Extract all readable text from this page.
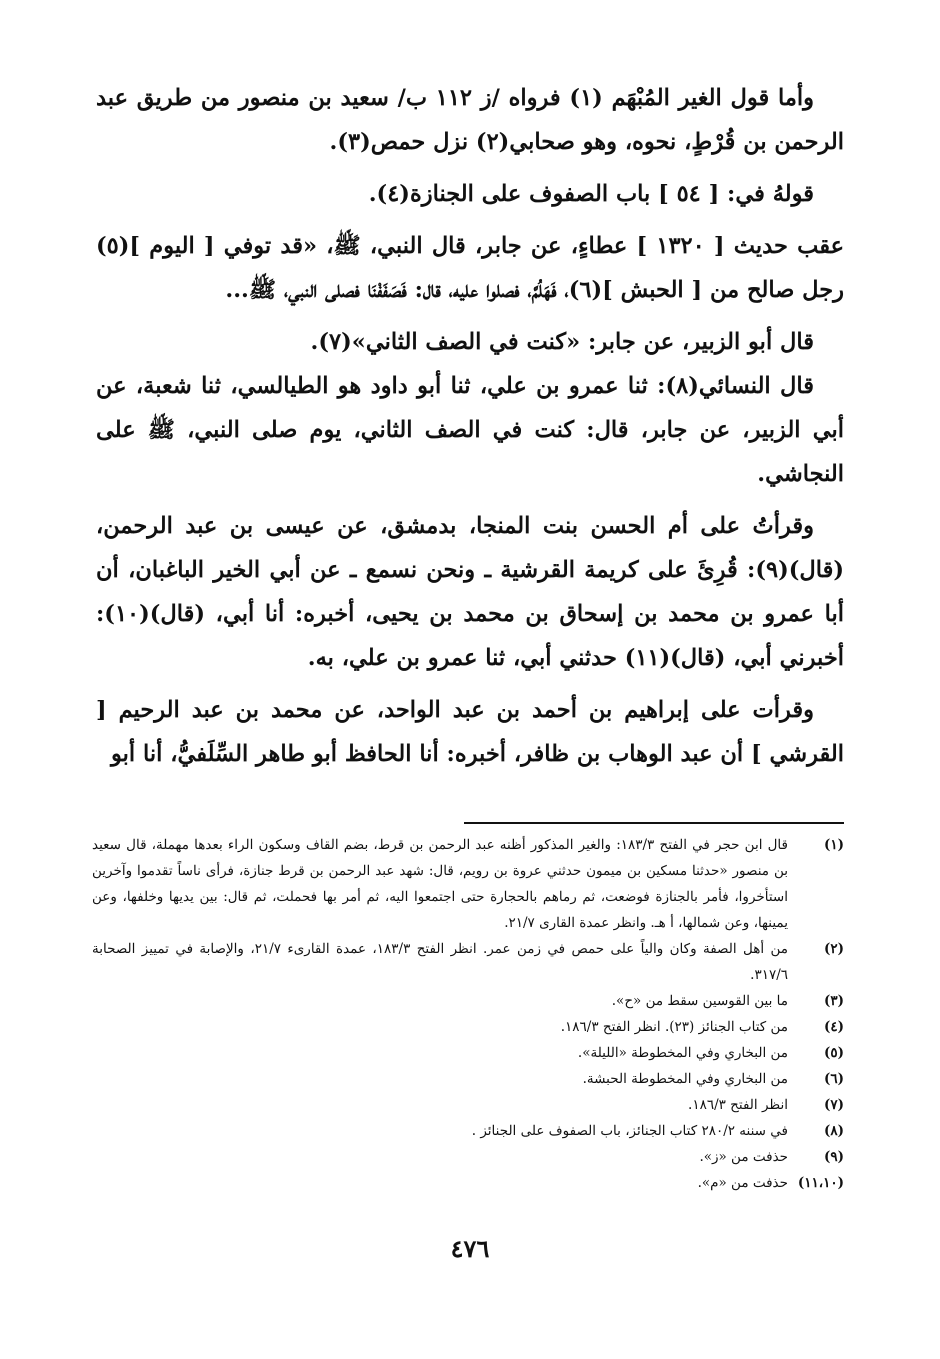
وأما قول الغير المُبْهَم (١) فرواه /ز ١١٢ ب/ سعيد بن منصور من طريق عبد الرحمن بن قُرْطٍ، نحوه، وهو صحابي(٢) نزل حمص(٣).

قولهُ في: [ ٥٤ ] باب الصفوف على الجنازة(٤).

عقب حديث [ ١٣٢٠ ] عطاءٍ، عن جابر، قال النبي، ﷺ، «قد توفي [ اليوم ](٥) رجل صالح من [ الحبش ](٦)، فَهَلُمَّ، فصلوا عليه، قال: فَصَفَفْنَا فصلى النبي، ﷺ...

قال أبو الزبير، عن جابر: «كنت في الصف الثاني»(٧).

قال النسائي(٨): ثنا عمرو بن علي، ثنا أبو داود هو الطيالسي، ثنا شعبة، عن أبي الزبير، عن جابر، قال: كنت في الصف الثاني، يوم صلى النبي، ﷺ على النجاشي.

وقرأتُ على أم الحسن بنت المنجا، بدمشق، عن عيسى بن عبد الرحمن، (قال)(٩): قُرِئَ على كريمة القرشية ـ ونحن نسمع ـ عن أبي الخير الباغبان، أن أبا عمرو بن محمد بن إسحاق بن محمد بن يحيى، أخبره: أنا أبي، (قال)(١٠): أخبرني أبي، (قال)(١١) حدثني أبي، ثنا عمرو بن علي، به.

وقرأت على إبراهيم بن أحمد بن عبد الواحد، عن محمد بن عبد الرحيم [ القرشي ] أن عبد الوهاب بن ظافر، أخبره: أنا الحافظ أبو طاهر السِّلَفيُّ، أنا أبو

(١)
قال ابن حجر في الفتح ١٨٣/٣: والغير المذكور أظنه عبد الرحمن بن قرط، بضم القاف وسكون الراء بعدها مهملة، قال سعيد بن منصور «حدثنا مسكين بن ميمون حدثني عروة بن رويم، قال: شهد عبد الرحمن بن قرط جنازة، فرأى ناساً تقدموا وآخرين استأخروا، فأمر بالجنازة فوضعت، ثم رماهم بالحجارة حتى اجتمعوا اليه، ثم أمر بها فحملت، ثم قال: بين يديها وخلفها، وعن يمينها، وعن شمالها، أ هـ. وانظر عمدة القارى ٢١/٧.
(٢)
من أهل الصفة وكان والياً على حمص في زمن عمر. انظر الفتح ١٨٣/٣، عمدة القارىء ٢١/٧، والإصابة في تمييز الصحابة ٣١٧/٦.
(٣)
ما بين القوسين سقط من «ح».
(٤)
من كتاب الجنائز (٢٣). انظر الفتح ١٨٦/٣.
(٥)
من البخاري وفي المخطوطة «الليلة».
(٦)
من البخاري وفي المخطوطة الحبشة.
(٧)
انظر الفتح ١٨٦/٣.
(٨)
في سننه ٢٨٠/٢ كتاب الجنائز، باب الصفوف على الجنائز .
(٩)
حذفت من «ز».
(١١،١٠)
حذفت من «م».
٤٧٦
